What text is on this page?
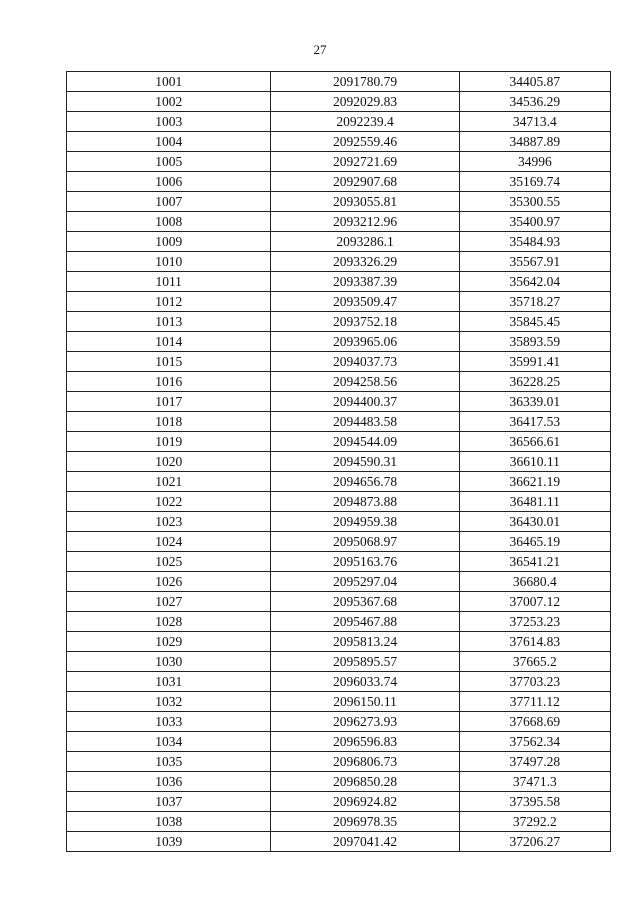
27
1001	2091780.79	34405.87
1002	2092029.83	34536.29
1003	2092239.4	34713.4
1004	2092559.46	34887.89
1005	2092721.69	34996
1006	2092907.68	35169.74
1007	2093055.81	35300.55
1008	2093212.96	35400.97
1009	2093286.1	35484.93
1010	2093326.29	35567.91
1011	2093387.39	35642.04
1012	2093509.47	35718.27
1013	2093752.18	35845.45
1014	2093965.06	35893.59
1015	2094037.73	35991.41
1016	2094258.56	36228.25
1017	2094400.37	36339.01
1018	2094483.58	36417.53
1019	2094544.09	36566.61
1020	2094590.31	36610.11
1021	2094656.78	36621.19
1022	2094873.88	36481.11
1023	2094959.38	36430.01
1024	2095068.97	36465.19
1025	2095163.76	36541.21
1026	2095297.04	36680.4
1027	2095367.68	37007.12
1028	2095467.88	37253.23
1029	2095813.24	37614.83
1030	2095895.57	37665.2
1031	2096033.74	37703.23
1032	2096150.11	37711.12
1033	2096273.93	37668.69
1034	2096596.83	37562.34
1035	2096806.73	37497.28
1036	2096850.28	37471.3
1037	2096924.82	37395.58
1038	2096978.35	37292.2
1039	2097041.42	37206.27
